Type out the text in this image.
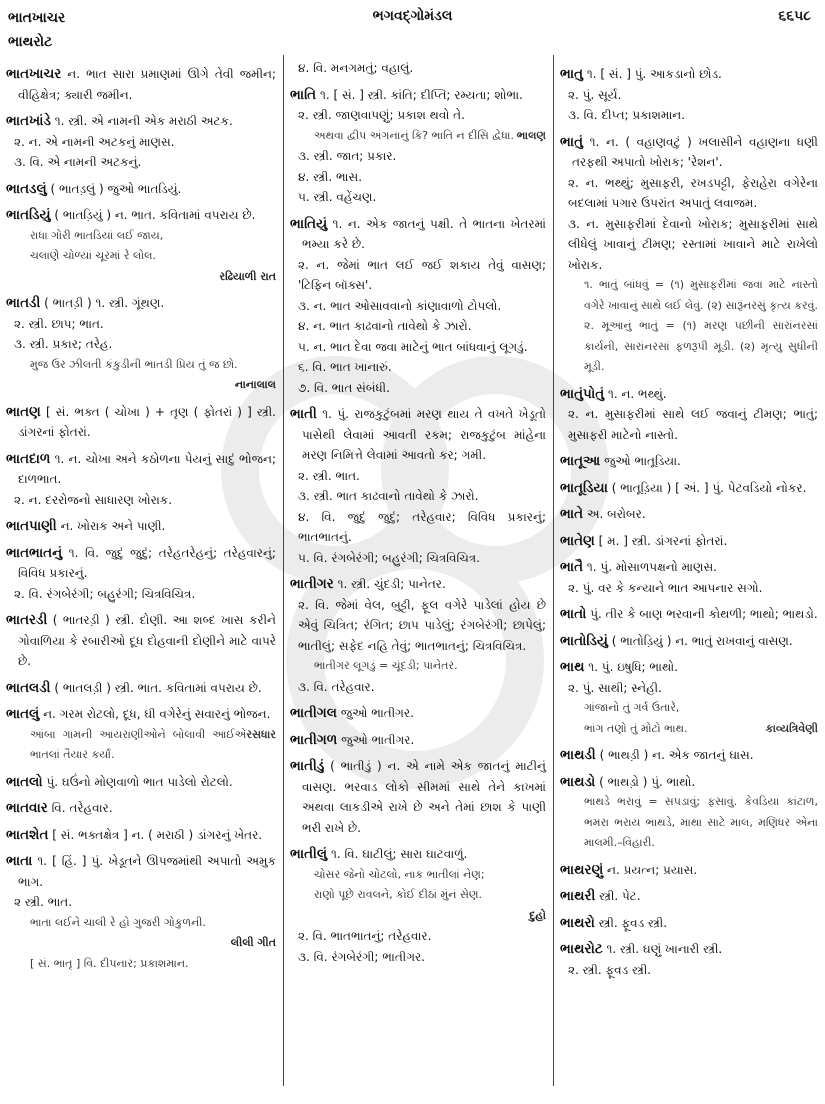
ભાતખાચર
ભાથરોટ
ભગવદ્ગોમંડલ	૬૬૫૮

ભાતખાચર ન. ભાત સારા પ્રમાણમાં ઊગે તેવી જમીન; વીહિક્ષેત્ર; ક્યારી જમીન.

ભાતખાંડે ૧. સ્ત્રી. એ નામની એક મરાઠી અટક.

૨. ન. એ નામની અટકનું માણસ.

૩. વિ. એ નામની અટકનું.

ભાતડલું ( ભાતડ઼લું ) જુઓ ભાતડિયું.

ભાતડિયું ( ભાતડ઼િયું ) ન. ભાત. કવિતામાં વપરાય છે.

રાધા ગોરી ભાતડિયાં લઈ જાય,

ચલાણે ચોળ્યાં ચૂરમાં રે લોલ.

રઢિયાળી રાત

ભાતડી ( ભાતડ઼ી ) ૧. સ્ત્રી. ગૂંથણ.

૨. સ્ત્રી. છાપ; ભાત.

૩. સ્ત્રી. પ્રકાર; તરેહ.

મુજ ઉર ઝીલતી કંકુડીની ભાતડી પ્રિય તું જ છો.

નાનાલાલ

ભાતણ [ સં. ભક્ત ( ચોખા ) + તૃણ ( ફોતરાં ) ] સ્ત્રી. ડાંગરનાં ફોતરાં.

ભાતદાળ ૧. ન. ચોખા અને કઠોળના પેયનું સાદું ભોજન; દાળભાત.

૨. ન. દરરોજનો સાધારણ ખોરાક.

ભાતપાણી ન. ખોરાક અને પાણી.

ભાતભાતનું ૧. વિ. જુદું જુદું; તરેહતરેહનું; તરેહવારનું; વિવિધ પ્રકારનું.

૨. વિ. રંગબેરંગી; બહુરંગી; ચિત્રવિચિત્ર.

ભાતરડી ( ભાતરડ઼ી ) સ્ત્રી. દોણી. આ શબ્દ ખાસ કરીને ગોવાળિયા કે રબારીઓ દૂધ દોહવાની દોણીને માટે વાપરે છે.

ભાતલડી ( ભાતલડ઼ી ) સ્ત્રી. ભાત. કવિતામાં વપરાય છે.

ભાતલું ન. ગરમ રોટલો, દૂધ, ઘી વગેરેનું સવારનું ભોજન.

રસધાર
આંબા ગામની આયરાણીઓને બોલાવી આઈએ ભાતલાં તૈયાર કર્યાં.

ભાતલો પું. ઘઉંનો મોણવાળો ભાત પાડેલો રોટલો.

ભાતવાર વિ. તરેહવાર.

ભાતશેત [ સં. ભક્તક્ષેત્ર ] ન. ( મરાઠી ) ડાંગરનું ખેતર.

ભાતા ૧. [ હિં. ] પું. ખેડૂતને ઊપજમાંથી અપાતો અમુક ભાગ.

૨ સ્ત્રી. ભાત.

ભાતા લઈને ચાલી રે હો ગુજરી ગોકુળની.

લીલી ગીત

[ સં. ભાતૃ ] વિ. દીપનાર; પ્રકાશમાન.

૪. વિ. મનગમતું; વહાલું.

ભાતિ ૧. [ સં. ] સ્ત્રી. કાંતિ; દીપ્તિ; રમ્યતા; શોભા.

૨. સ્ત્રી. જાણવાપણું; પ્રકાશ થવો તે.

ભાલણ
અથવા દ્વીપ અંગનાનું કિ? ભાતિ ન દીસિ દ્વેધા.

૩. સ્ત્રી. જાત; પ્રકાર.

૪. સ્ત્રી. ભાસ.

૫. સ્ત્રી. વહેંચણ.

ભાતિયું ૧. ન. એક જાતનું પક્ષી. તે ભાતના ખેતરમાં ભમ્યા કરે છે.

૨. ન. જેમાં ભાત લઈ જઈ શકાય તેવું વાસણ; 'ટિફિન બૉક્સ'.

૩. ન. ભાત ઓસાવવાનો કાંણાવાળો ટોપલો.

૪. ન. ભાત કાઢવાનો તાવેથો કે ઝારો.

૫. ન. ભાત દેવા જવા માટેનું ભાત બાંધવાનું લૂગડું.

૬. વિ. ભાત ખાનારું.

૭. વિ. ભાત સંબંધી.

ભાતી ૧. પું. રાજકુટુંબમાં મરણ થાય તે વખતે ખેડૂતો પાસેથી લેવામાં આવતી રકમ; રાજકુટુંબ માંહેના મરણ નિમિત્તે લેવામાં આવતો કર; ગમી.

૨. સ્ત્રી. ભાત.

૩. સ્ત્રી. ભાત કાઢવાનો તાવેથો કે ઝારો.

૪. વિ. જુદું જુદું; તરેહવાર; વિવિધ પ્રકારનું; ભાતભાતનું.

૫. વિ. રંગબેરંગી; બહુરંગી; ચિત્રવિચિત્ર.

ભાતીગર ૧. સ્ત્રી. ચુંદડી; પાનેતર.

૨. વિ. જેમાં વેલ, બુટ્ટી, ફૂલ વગેરે પાડેલાં હોય છે એવું ચિત્રિત; રંગિત; છાપ પાડેલું; રંગબેરંગી; છાપેલું; ભાતીલું; સફેદ નહિ તેવું; ભાતભાતનું; ચિત્રવિચિત્ર.

ભાતીગર લૂગડું = ચૂંદડી; પાનેતર.

૩. વિ. તરેહવાર.

ભાતીગલ જુઓ ભાતીગર.

ભાતીગળ જુઓ ભાતીગર.

ભાતીડું ( ભાતીડ઼ું ) ન. એ નામે એક જાતનું માટીનું વાસણ. ભરવાડ લોકો સીમમાં સાથે તેને કાખમાં અથવા લાકડીએ રાખે છે અને તેમાં છાશ કે પાણી ભરી રાખે છે.

ભાતીલું ૧. વિ. ઘાટીલું; સારા ઘાટવાળું.

ચોસર જેનો ચોટલો, નાક ભાતીલાં નેણ;

રાણો પૂછે રાવલને, કોઈ દીઠાં મુંનં સેણ.

દુહો

૨. વિ. ભાતભાતનું; તરેહવાર.

૩. વિ. રંગબેરંગી; ભાતીગર.

ભાતુ ૧. [ સં. ] પું. આકડાનો છોડ.

૨. પું. સૂર્ય.

૩. વિ. દીપ્ત; પ્રકાશમાન.

ભાતું ૧. ન. ( વહાણવટું ) ખલાસીને વહાણના ધણી તરફથી અપાતો ખોરાક; 'રેશન'.

૨. ન. ભથ્થું; મુસાફરી, રખડપટ્ટી, ફેરાહેરા વગેરેના બદલામાં પગાર ઉપરાંત અપાતું લવાજમ.

૩. ન. મુસાફરીમાં દેવાનો ખોરાક; મુસાફરીમાં સાથે લીધેલું ખાવાનું ટીમણ; રસ્તામાં ખાવાને માટે રાખેલો ખોરાક.

૧. ભાતું બાંધવું = (૧) મુસાફરીમાં જવા માટે નાસ્તો વગેરે ખાવાનું સાથે લઈ લેવું. (૨) સારૂંનરસું કૃત્ય કરવું.

૨. મૂઆનું ભાતું = (૧) મરણ પછીની સારાંનરસાં કાર્યની, સારાંનરસાં ફળરૂપી મૂડી. (૨) મૃત્યુ સુધીની મૂડી.

ભાતુંપોતું ૧. ન. ભથ્થું.

૨. ન. મુસાફરીમાં સાથે લઈ જવાનું ટીમણ; ભાતું; મુસાફરી માટેનો નાસ્તો.

ભાતૂઆ જુઓ ભાતૂડિયા.

ભાતૂડિયા ( ભાતૂડ઼િયા ) [ અં. ] પું. પેટવડિયો નોકર.

ભાતે અ. બરોબર.

ભાતેણ [ મ. ] સ્ત્રી. ડાંગરનાં ફોતરાં.

ભાતૈ ૧. પું. મોસાળપક્ષનો માણસ.

૨. પું. વર કે કન્યાને ભાત આપનાર સગો.

ભાતો પું. તીર કે બાણ ભરવાની કોથળી; ભાથો; ભાથડો.

ભાતોડિયું ( ભાતોડ઼િયું ) ન. ભાતું રાખવાનું વાસણ.

ભાથ ૧. પું. ઇષુધિ; ભાથો.

૨. પું. સાથી; સ્નેહી.

ગાંજાનો તું ગર્વ ઉતારે,

કાવ્યત્રિવેણી
ભાંગ તણો તું મોટો ભાથ.

ભાથડી ( ભાથડ઼ી ) ન. એક જાતનું ઘાસ.

ભાથડો ( ભાથડ઼ો ) પું. ભાથો.

ભાથડે ભરાવું = સપડાવું; ફસાવું. કેવડિયા કાંટાળ, ભમરા ભરાય ભાથડે, માથા સાટે માલ, મણિધર એના માલમી.–વિહારી.

ભાથરણું ન. પ્રયત્ન; પ્રયાસ.

ભાથરી સ્ત્રી. પેટ.

ભાથરો સ્ત્રી. ફૂવડ સ્ત્રી.

ભાથરોટ ૧. સ્ત્રી. ઘણું ખાનારી સ્ત્રી.

૨. સ્ત્રી. ફૂવડ સ્ત્રી.
